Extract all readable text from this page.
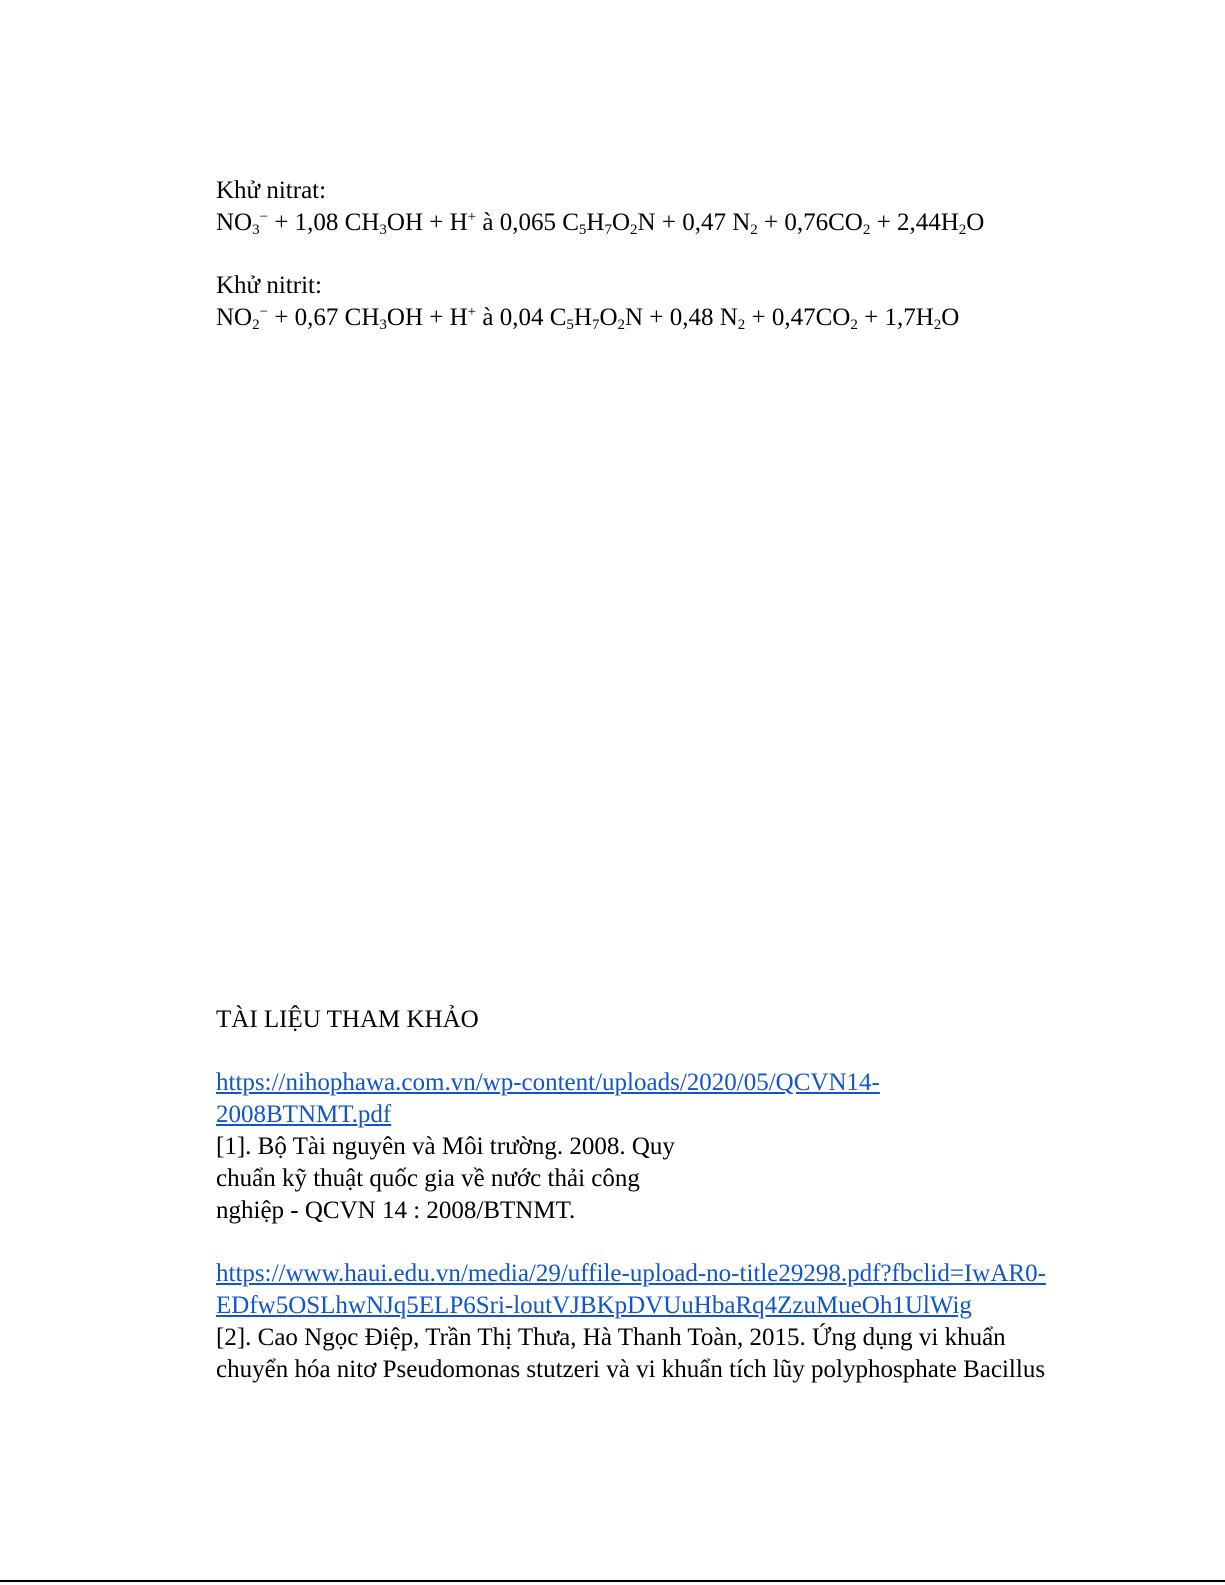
Khử nitrat:
$NO_3^- + 1,08$ $CH_3OH + H^+$ à 0,065 $C_5H_7O_2N + 0,47$ $N_2 + 0,76CO_2 + 2,44H_2O$
Khử nitrit:
$NO_2^- + 0,67$ $CH_3OH + H^+$ à 0,04 $C_5H_7O_2N + 0,48$ $N_2 + 0,47CO_2 + 1,7H_2O$
TÀI LIỆU THAM KHẢO
https://nihophawa.com.vn/wp-content/uploads/2020/05/QCVN14-
2008BTNMT.pdf
[1]. Bộ Tài nguyên và Môi trường. 2008. Quy
chuẩn kỹ thuật quốc gia về nước thải công
nghiệp - QCVN 14 : 2008/BTNMT.
https://www.haui.edu.vn/media/29/uffile-upload-no-title29298.pdf?fbclid=IwAR0-
EDfw5OSLhwNJq5ELP6Sri-loutVJBKpDVUuHbaRq4ZzuMueOh1UlWig
[2]. Cao Ngọc Điệp, Trần Thị Thưa, Hà Thanh Toàn, 2015. Ứng dụng vi khuẩn
chuyển hóa nitơ Pseudomonas stutzeri và vi khuẩn tích lũy polyphosphate Bacillus
